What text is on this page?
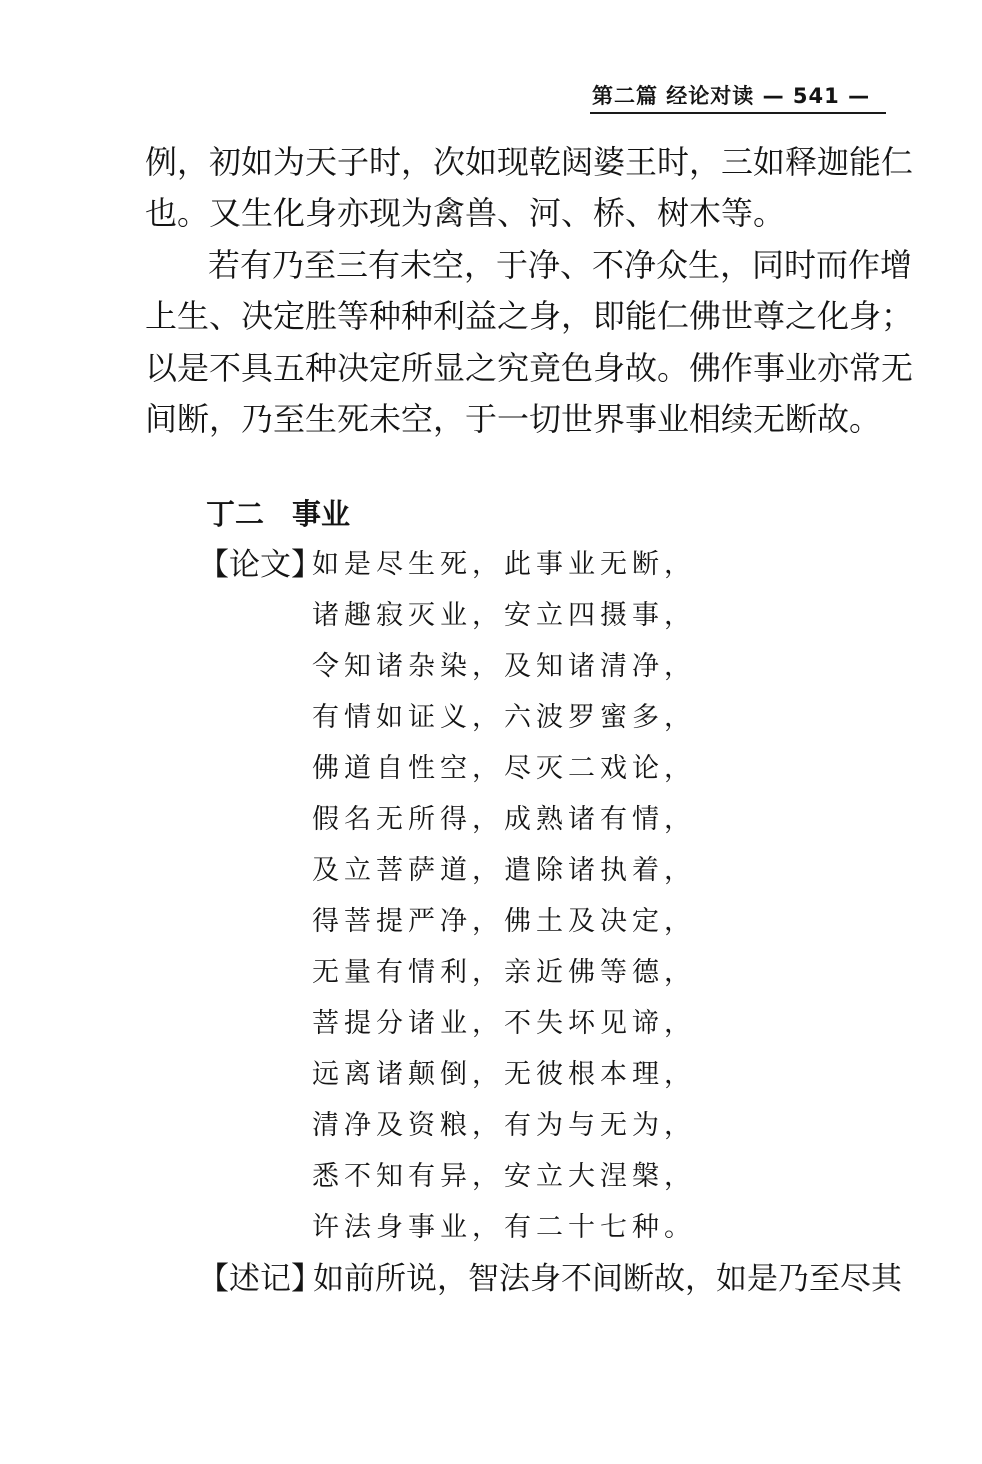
第二篇 经论对读 — 541 —
例，初如为天子时，次如现乾闼婆王时，三如释迦能仁
也。又生化身亦现为禽兽、河、桥、树木等。
若有乃至三有未空，于净、不净众生，同时而作增
上生、决定胜等种种利益之身，即能仁佛世尊之化身；
以是不具五种决定所显之究竟色身故。佛作事业亦常无
间断，乃至生死未空，于一切世界事业相续无断故。
丁二 事业
【论文】
如是尽生死，此事业无断，
诸趣寂灭业，安立四摄事，
令知诸杂染，及知诸清净，
有情如证义，六波罗蜜多，
佛道自性空，尽灭二戏论，
假名无所得，成熟诸有情，
及立菩萨道，遣除诸执着，
得菩提严净，佛土及决定，
无量有情利，亲近佛等德，
菩提分诸业，不失坏见谛，
远离诸颠倒，无彼根本理，
清净及资粮，有为与无为，
悉不知有异，安立大涅槃，
许法身事业，有二十七种。
【述记】
如前所说，智法身不间断故，如是乃至尽其
